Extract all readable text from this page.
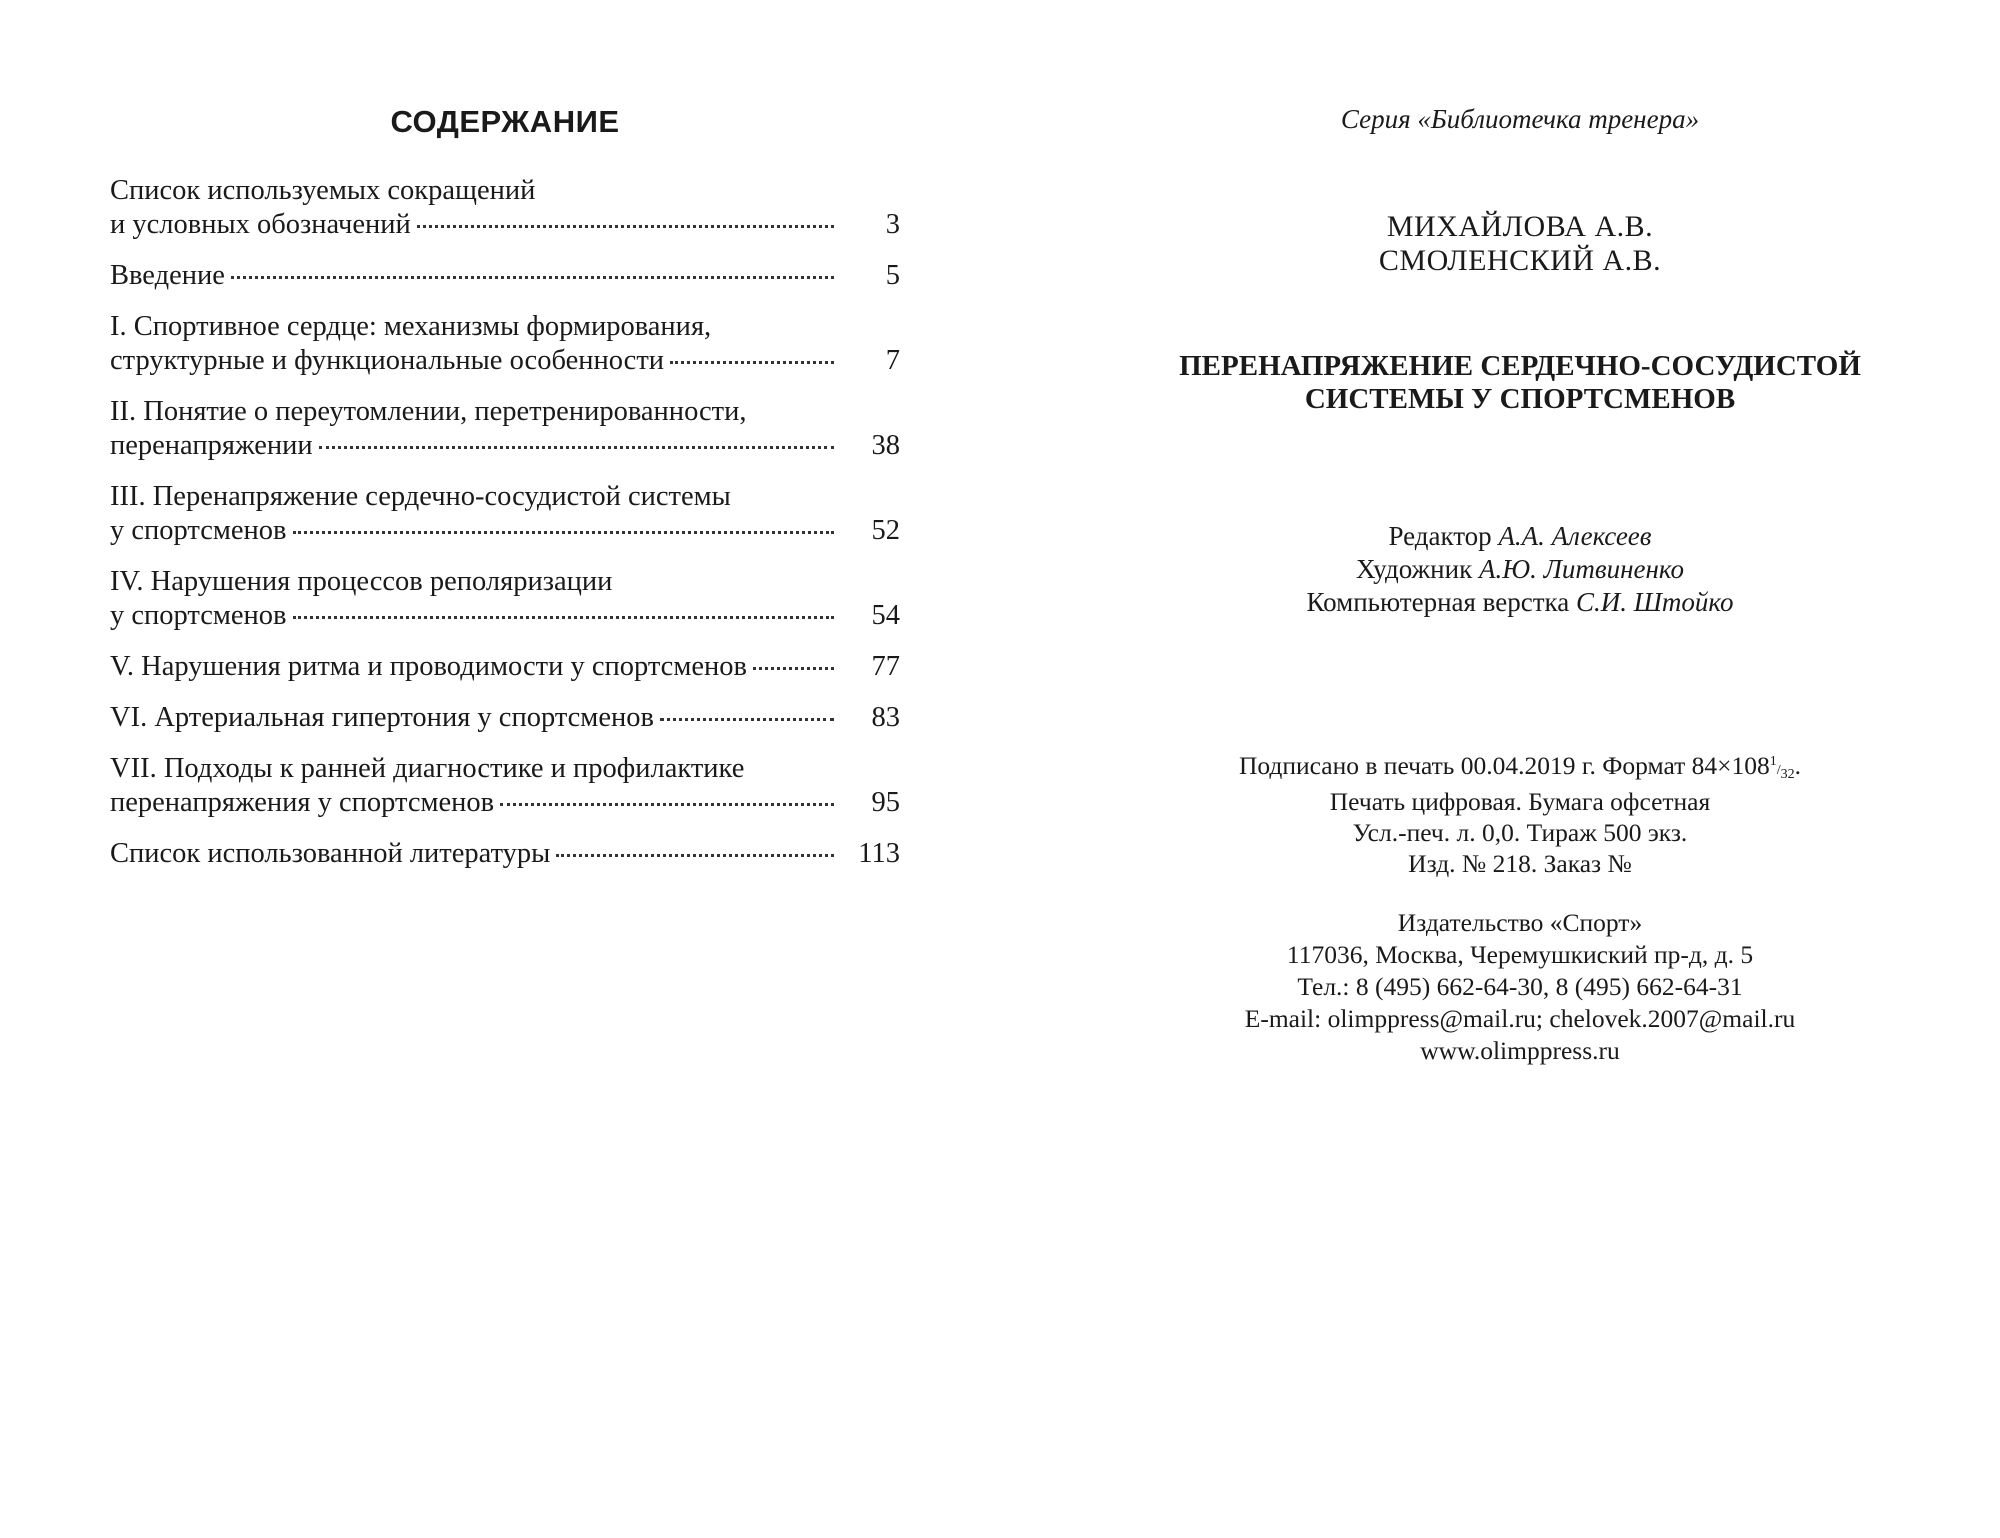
СОДЕРЖАНИЕ
Список используемых сокращений
и условных обозначений	3
Введение	5
I. Спортивное сердце: механизмы формирования,
структурные и функциональные особенности	7
II. Понятие о переутомлении, перетренированности,
перенапряжении	38
III. Перенапряжение сердечно-сосудистой системы
у спортсменов	52
IV. Нарушения процессов реполяризации
у спортсменов	54
V. Нарушения ритма и проводимости у спортсменов	77
VI. Артериальная гипертония у спортсменов	83
VII. Подходы к ранней диагностике и профилактике
перенапряжения у спортсменов	95
Список использованной литературы	113
Серия «Библиотечка тренера»
МИХАЙЛОВА А.В.
СМОЛЕНСКИЙ А.В.
ПЕРЕНАПРЯЖЕНИЕ СЕРДЕЧНО-СОСУДИСТОЙ
СИСТЕМЫ У СПОРТСМЕНОВ
Редактор А.А. Алексеев
Художник А.Ю. Литвиненко
Компьютерная верстка С.И. Штойко
Подписано в печать 00.04.2019 г. Формат 84×1081/32.
Печать цифровая. Бумага офсетная
Усл.-печ. л. 0,0. Тираж 500 экз.
Изд. № 218. Заказ №
Издательство «Спорт»
117036, Москва, Черемушкиский пр-д, д. 5
Тел.: 8 (495) 662-64-30, 8 (495) 662-64-31
E-mail: olimppress@mail.ru; chelovek.2007@mail.ru
www.olimppress.ru
